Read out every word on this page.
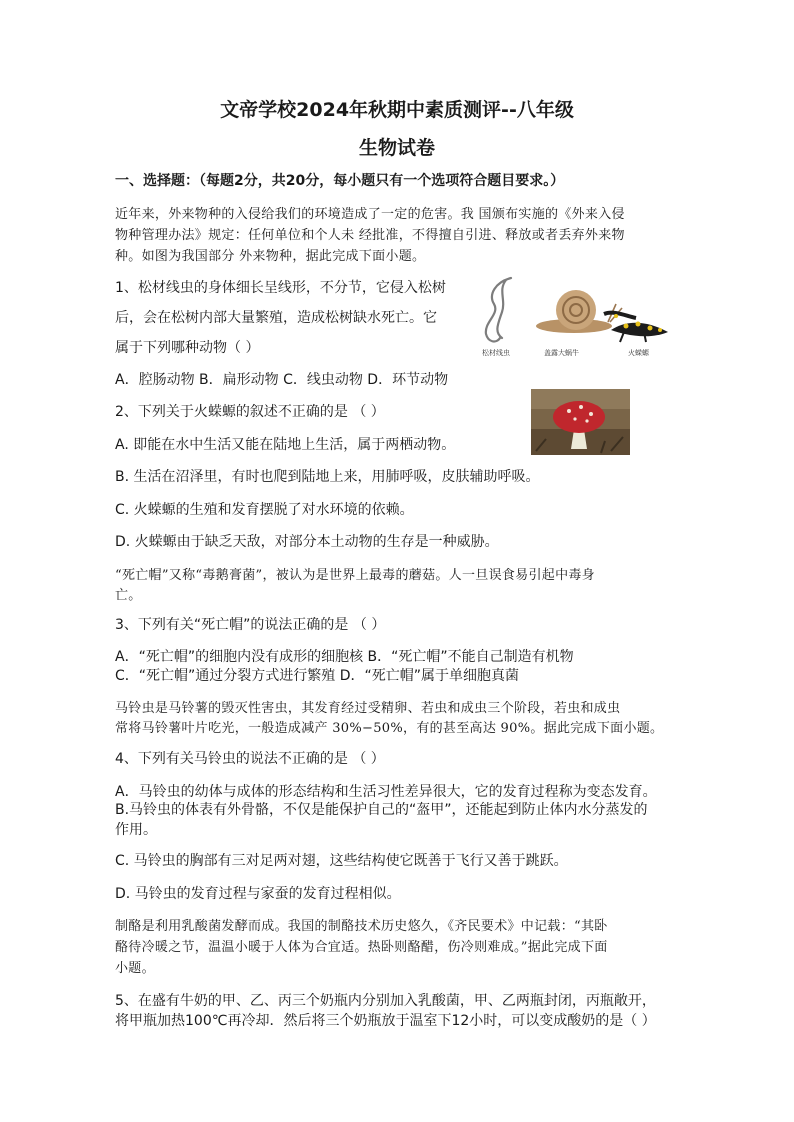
文帝学校2024年秋期中素质测评--八年级
生物试卷
一、选择题：（每题2分，共20分，每小题只有一个选项符合题目要求。）
近年来，外来物种的入侵给我们的环境造成了一定的危害。我 国颁布实施的《外来入侵
物种管理办法》规定：任何单位和个人未 经批准，不得擅自引进、释放或者丢弃外来物
种。如图为我国部分 外来物种，据此完成下面小题。
1、松材线虫的身体细长呈线形，不分节，它侵入松树
后，会在松树内部大量繁殖，造成松树缺水死亡。它
属于下列哪种动物（ ）
A．腔肠动物 B．扁形动物 C．线虫动物 D．环节动物
松材线虫	盖露大蜗牛	火蝾螈
2、下列关于火蝾螈的叙述不正确的是 （ ）
A. 即能在水中生活又能在陆地上生活，属于两栖动物。
B. 生活在沼泽里，有时也爬到陆地上来，用肺呼吸，皮肤辅助呼吸。
C. 火蝾螈的生殖和发育摆脱了对水环境的依赖。
D. 火蝾螈由于缺乏天敌，对部分本土动物的生存是一种威胁。
“死亡帽”又称“毒鹅膏菌”，被认为是世界上最毒的蘑菇。人一旦误食易引起中毒身
亡。
3、下列有关“死亡帽”的说法正确的是 （ ）
A．“死亡帽”的细胞内没有成形的细胞核 B．“死亡帽”不能自己制造有机物
C．“死亡帽”通过分裂方式进行繁殖 D．“死亡帽”属于单细胞真菌
马铃虫是马铃薯的毁灭性害虫，其发育经过受精卵、若虫和成虫三个阶段，若虫和成虫
常将马铃薯叶片吃光，一般造成减产 30%−50%，有的甚至高达 90%。据此完成下面小题。
4、下列有关马铃虫的说法不正确的是 （ ）
A．马铃虫的幼体与成体的形态结构和生活习性差异很大，它的发育过程称为变态发育。
B.马铃虫的体表有外骨骼，不仅是能保护自己的“盔甲”，还能起到防止体内水分蒸发的
作用。
C. 马铃虫的胸部有三对足两对翅，这些结构使它既善于飞行又善于跳跃。
D. 马铃虫的发育过程与家蚕的发育过程相似。
制酪是利用乳酸菌发酵而成。我国的制酪技术历史悠久，《齐民要术》中记载：“其卧
酪待冷暖之节，温温小暖于人体为合宜适。热卧则酪醋，伤冷则难成。”据此完成下面
小题。
5、在盛有牛奶的甲、乙、丙三个奶瓶内分别加入乳酸菌，甲、乙两瓶封闭，丙瓶敞开，
将甲瓶加热100℃再冷却．然后将三个奶瓶放于温室下12小时，可以变成酸奶的是（ ）
